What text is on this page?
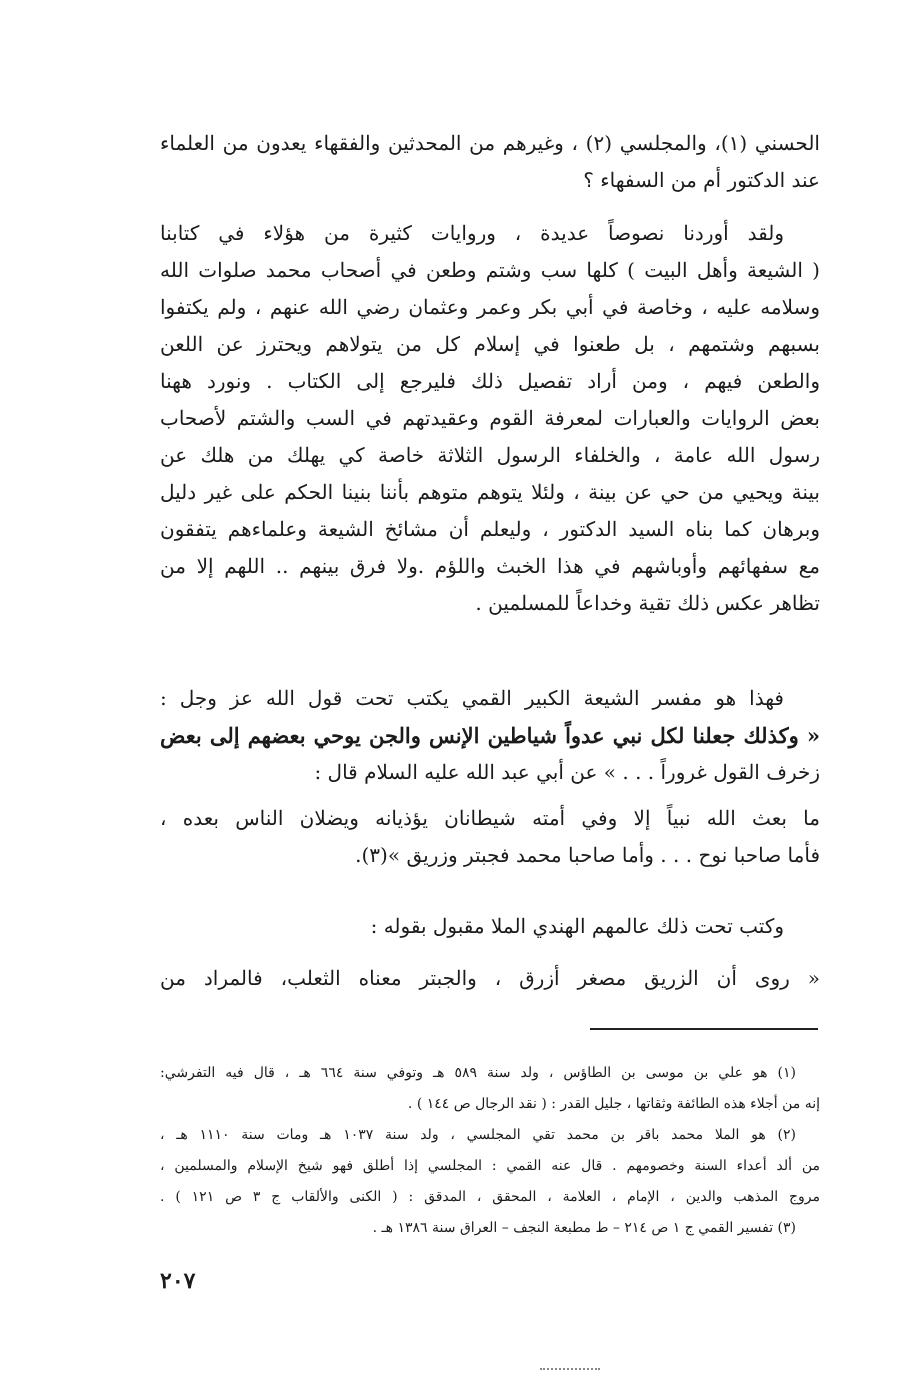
الحسني (١)، والمجلسي (٢) ، وغيرهم من المحدثين والفقهاء يعدون من العلماء
عند الدكتور أم من السفهاء ؟
ولقد أوردنا نصوصاً عديدة ، وروايات كثيرة من هؤلاء في كتابنا
( الشيعة وأهل البيت ) كلها سب وشتم وطعن في أصحاب محمد صلوات الله
وسلامه عليه ، وخاصة في أبي بكر وعمر وعثمان رضي الله عنهم ، ولم يكتفوا
بسبهم وشتمهم ، بل طعنوا في إسلام كل من يتولاهم ويحترز عن اللعن
والطعن فيهم ، ومن أراد تفصيل ذلك فليرجع إلى الكتاب . ونورد ههنا
بعض الروايات والعبارات لمعرفة القوم وعقيدتهم في السب والشتم لأصحاب
رسول الله عامة ، والخلفاء الرسول الثلاثة خاصة كي يهلك من هلك عن
بينة ويحيي من حي عن بينة ، ولئلا يتوهم متوهم بأننا بنينا الحكم على غير دليل
وبرهان كما بناه السيد الدكتور ، وليعلم أن مشائخ الشيعة وعلماءهم يتفقون
مع سفهائهم وأوباشهم في هذا الخبث واللؤم .ولا فرق بينهم .. اللهم إلا من
تظاهر عكس ذلك تقية وخداعاً للمسلمين .
فهذا هو مفسر الشيعة الكبير القمي يكتب تحت قول الله عز وجل :
« وكذلك جعلنا لكل نبي عدواً شياطين الإنس والجن يوحي بعضهم إلى بعض
زخرف القول غروراً . . . » عن أبي عبد الله عليه السلام قال :
ما بعث الله نبياً إلا وفي أمته شيطانان يؤذيانه ويضلان الناس بعده ،
فأما صاحبا نوح . . . وأما صاحبا محمد فجبتر وزريق »(٣).
وكتب تحت ذلك عالمهم الهندي الملا مقبول بقوله :
« روى أن الزريق مصغر أزرق ، والجبتر معناه الثعلب، فالمراد من
(١) هو علي بن موسى بن الطاؤس ، ولد سنة ٥٨٩ هـ وتوفي سنة ٦٦٤ هـ ، قال فيه التفرشي:
إنه من أجلاء هذه الطائفة وثقاتها ، جليل القدر : ( نقد الرجال ص ١٤٤ ) .
(٢) هو الملا محمد باقر بن محمد تقي المجلسي ، ولد سنة ١٠٣٧ هـ ومات سنة ١١١٠ هـ ،
من ألد أعداء السنة وخصومهم . قال عنه القمي : المجلسي إذا أطلق فهو شيخ الإسلام والمسلمين ،
مروج المذهب والدين ، الإمام ، العلامة ، المحقق ، المدقق : ( الكنى والألقاب ج ٣ ص ١٢١ ) .
(٣) تفسير القمي ج ١ ص ٢١٤ – ط مطبعة النجف – العراق سنة ١٣٨٦ هـ .
٢٠٧
